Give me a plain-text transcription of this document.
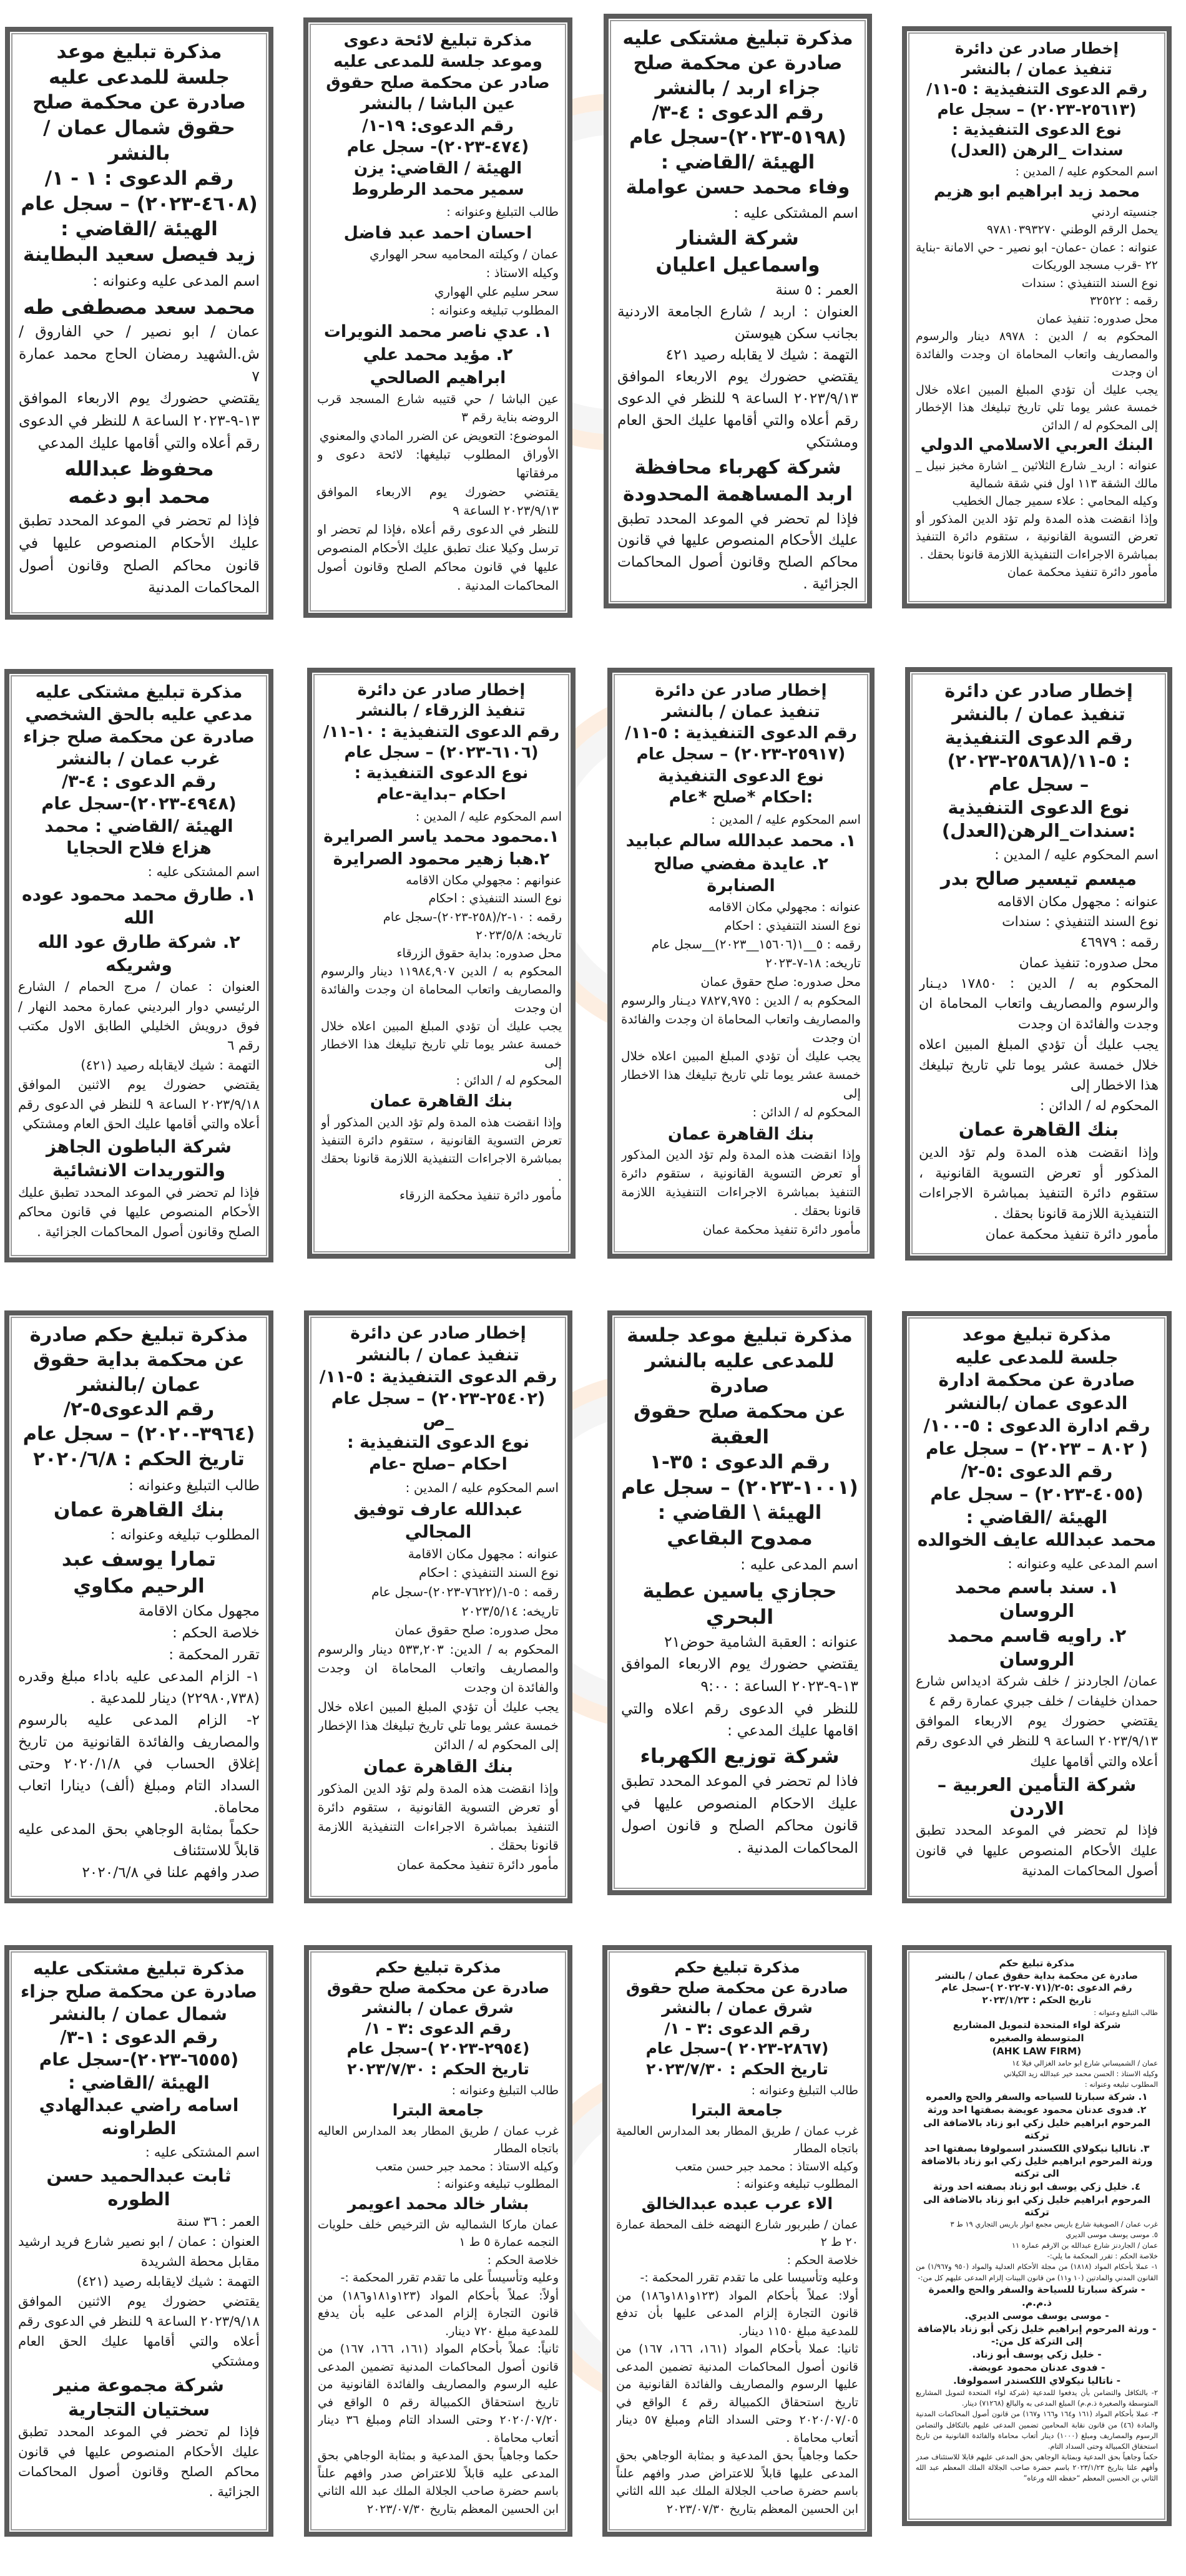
إخطار صادر عن دائرة

تنفيذ عمان / بالنشر

رقم الدعوى التنفيذية : ٥-١١/

(٢٥٦١٣-٢٠٢٣) – سجل عام

نوع الدعوى التنفيذية :

سندات _الرهن (العدل)

اسم المحكوم عليه / المدين :

محمد زيد ابراهيم ابو هزيم

جنسيته اردني

يحمل الرقم الوطني ٩٧٨١٠٣٩٣٢٧٠

عنوانه : عمان -عمان- ابو نصير - حي الامانة -بناية ٢٢ -قرب مسجد الوريكات

نوع السند التنفيذي : سندات

رقمه : ٣٢٥٢٢

محل صدوره: تنفيذ عمان

المحكوم به / الدين : ٨٩٧٨ دينار والرسوم والمصاريف واتعاب المحاماة ان وجدت والفائدة ان وجدت

يجب عليك أن تؤدي المبلغ المبين اعلاه خلال خمسة عشر يوما تلي تاريخ تبليغك هذا الإخطار إلى المحكوم له / الدائن

البنك العربي الاسلامي الدولي

عنوانه : اربد_ شارع الثلاثين _ اشارة مخبز نبيل _ مالك الشقة ١١٣ اول فني شقة شمالية

وكيله المحامي : علاء سمير جمال الخطيب

وإذا انقضت هذه المدة ولم تؤد الدين المذكور أو تعرض التسوية القانونية ، ستقوم دائرة التنفيذ بمباشرة الاجراءات التنفيذية اللازمة قانونا بحقك .

مأمور دائرة تنفيذ محكمة عمان

مذكرة تبليغ مشتكى عليه

صادرة عن محكمة صلح

جزاء اربد / بالنشر

رقم الدعوى : ٤-٣/

(٥١٩٨-٢٠٢٣)-سجل عام

الهيئة /القاضي :

وفاء محمد حسن عواملة

اسم المشتكى عليه :

شركة الشنار

واسماعيل اعليان

العمر : ٥ سنة

العنوان : اربد / شارع الجامعة الاردنية بجانب سكن هيوستن

التهمة : شيك لا يقابله رصيد ٤٢١

يقتضي حضورك يوم الاربعاء الموافق ٢٠٢٣/٩/١٣ الساعة ٩ للنظر في الدعوى رقم أعلاه والتي أقامها عليك الحق العام ومشتكي

شركة كهرباء محافظة

اربد المساهمة المحدودة

فإذا لم تحضر في الموعد المحدد تطبق عليك الأحكام المنصوص عليها في قانون محاكم الصلح وقانون أصول المحاكمات الجزائية .

مذكرة تبليغ لائحة دعوى

وموعد جلسة للمدعى عليه

صادر عن محكمة صلح حقوق

عين الباشا / بالنشر

رقم الدعوى: ١٩-١/

(٤٧٤-٢٠٢٣)- سجل عام

الهيئة / القاضي: يزن

سمير محمد الرطروط

طالب التبليغ وعنوانه :

احسان احمد عبد فاضل

عمان / وكيلته المحاميه سحر الهواري

وكيله الاستاذ :

سحر سليم علي الهواري

المطلوب تبليغه وعنوانه :

١. عدي ناصر محمد النويرات

٢. مؤيد محمد علي

ابراهيم الصالحي

عين الباشا / حي قتيبه شارع المسجد قرب الروضه بناية رقم ٣

الموضوع: التعويض عن الضرر المادي والمعنوي

الأوراق المطلوب تبليغها: لائحة دعوى و مرفقاتها

يقتضي حضورك يوم الاربعاء الموافق ٢٠٢٣/٩/١٣ الساعة ٩

للنظر في الدعوى رقم أعلاه ،فإذا لم تحضر او ترسل وكيلا عنك تطبق عليك الأحكام المنصوص عليها في قانون محاكم الصلح وقانون أصول المحاكمات المدنية .

مذكرة تبليغ موعد

جلسة للمدعى عليه

صادرة عن محكمة صلح

حقوق شمال عمان /بالنشر

رقم الدعوى : ١ - ١/

(٤٦٠٨-٢٠٢٣) – سجل عام

الهيئة /القاضي :

زيد فيصل سعيد البطاينة

اسم المدعى عليه وعنوانه :

محمد سعد مصطفى طه

عمان / ابو نصير / حي الفاروق / ش.الشهيد رمضان الحاج محمد عمارة ٧

يقتضي حضورك يوم الاربعاء الموافق ١٣-٩-٢٠٢٣ الساعة ٨ للنظر في الدعوى رقم أعلاه والتي أقامها عليك المدعي

محفوظ عبدالله

محمد ابو دغمه

فإذا لم تحضر في الموعد المحدد تطبق عليك الأحكام المنصوص عليها في قانون محاكم الصلح وقانون أصول المحاكمات المدنية

إخطار صادر عن دائرة

تنفيذ عمان / بالنشر

رقم الدعوى التنفيذية

: ٥-١١/(٢٥٨٦٨-٢٠٢٣)

– سجل عام

نوع الدعوى التنفيذية

:سندات_الرهن(العدل)

اسم المحكوم عليه / المدين :

ميسم تيسير صالح بدر

عنوانه : مجهول مكان الاقامه

نوع السند التنفيذي : سندات

رقمه : ٤٦٩٧٩

محل صدوره: تنفيذ عمان

المحكوم به / الدين : ١٧٨٥٠ ديـنار والرسوم والمصاريف واتعاب المحاماة ان وجدت والفائدة ان وجدت

يجب عليك أن تؤدي المبلغ المبين اعلاه خلال خمسة عشر يوما تلي تاريخ تبليغك هذا الاخطار إلى

المحكوم له / الدائن :

بنك القاهرة عمان

وإذا انقضت هذه المدة ولم تؤد الدين المذكور أو تعرض التسوية القانونية ، ستقوم دائرة التنفيذ بمباشرة الاجراءات التنفيذية اللازمة قانونا بحقك .

مأمور دائرة تنفيذ محكمة عمان

إخطار صادر عن دائرة

تنفيذ عمان / بالنشر

رقم الدعوى التنفيذية : ٥-١١/

(٢٥٩١٧-٢٠٢٣) – سجل عام

نوع الدعوى التنفيذية

:احكام *صلح *عام

اسم المحكوم عليه / المدين :

١. محمد عبدالله سالم عبابيد

٢. عايدة مفضي صالح الصنابرة

عنوانه : مجهولي مكان الاقامه

نوع السند التنفيذي : احكام

رقمه : ٥__١(١٥٦٠٦__٢٠٢٣)__سجل عام

تاريخه: ١٨-٧-٢٠٢٣

محل صدوره: صلح حقوق عمان

المحكوم به / الدين : ٧٨٢٧,٩٧٥ ديـنار والرسوم والمصاريف واتعاب المحاماة ان وجدت والفائدة ان وجدت

يجب عليك أن تؤدي المبلغ المبين اعلاه خلال خمسة عشر يوما تلي تاريخ تبليغك هذا الاخطار إلى

المحكوم له / الدائن :

بنك القاهرة عمان

وإذا انقضت هذه المدة ولم تؤد الدين المذكور أو تعرض التسوية القانونية ، ستقوم دائرة التنفيذ بمباشرة الاجراءات التنفيذية اللازمة قانونا بحقك .

مأمور دائرة تنفيذ محكمة عمان

إخطار صادر عن دائرة

تنفيذ الزرقاء / بالنشر

رقم الدعوى التنفيذية : ١٠-١١/

(٦١٠٦-٢٠٢٣) – سجل عام

نوع الدعوى التنفيذية :

احكام –بداية-عام

اسم المحكوم عليه / المدين :

١.محمود محمد ياسر الصرايرة

٢.هبا زهير محمود الصرايرة

عنوانهم : مجهولي مكان الاقامه

نوع السند التنفيذي : احكام

رقمه : ١٠-٢/(٢٥٨-٢٠٢٣)-سجل عام

تاريخه: ٢٠٢٣/٥/٨

محل صدوره: بداية حقوق الزرقاء

المحكوم به / الدين ١١٩٨٤,٩٠٧ دينار والرسوم والمصاريف واتعاب المحاماة ان وجدت والفائدة ان وجدت

يجب عليك أن تؤدي المبلغ المبين اعلاه خلال خمسة عشر يوما تلي تاريخ تبليغك هذا الاخطار إلى

المحكوم له / الدائن :

بنك القاهرة عمان

وإذا انقضت هذه المدة ولم تؤد الدين المذكور أو تعرض التسوية القانونية ، ستقوم دائرة التنفيذ بمباشرة الاجراءات التنفيذية اللازمة قانونا بحقك .

مأمور دائرة تنفيذ محكمة الزرقاء

مذكرة تبليغ مشتكى عليه

مدعي عليه بالحق الشخصي

صادرة عن محكمة صلح جزاء

غرب عمان / بالنشر

رقم الدعوى : ٤-٣/

(٤٩٤٨-٢٠٢٣)-سجل عام

الهيئة /القاضي : محمد

هزاع فلاح الحجايا

اسم المشتكى عليه :

١. طارق محمد محمود عوده الله

٢. شركة طارق عود الله وشريكه

العنوان : عمان / مرج الحمام / الشارع الرئيسي دوار البرديني عمارة محمد النهار / فوق درويش الخليلي الطابق الاول مكتب رقم ٦

التهمة : شيك لايقابله رصيد (٤٢١)

يقتضي حضورك يوم الاثنين الموافق ٢٠٢٣/٩/١٨ الساعة ٩ للنظر في الدعوى رقم أعلاه والتي أقامها عليك الحق العام ومشتكي

شركة الباطون الجاهز

والتوريدات الانشائية

فإذا لم تحضر في الموعد المحدد تطبق عليك الأحكام المنصوص عليها في قانون محاكم الصلح وقانون أصول المحاكمات الجزائية .

مذكرة تبليغ موعد

جلسة للمدعى عليه

صادرة عن محكمة ادارة

الدعوى عمان /بالنشر

رقم ادارة الدعوى : ٥-١٠٠/

( ٨٠٢ – ٢٠٢٣) – سجل عام

رقم الدعوى :٥-٢/

(٤٠٥٥-٢٠٢٣) – سجل عام

الهيئة /القاضي :

محمد عبدالله عايف الخوالده

اسم المدعى عليه وعنوانه :

١. سند باسم محمد الروسان

٢. راويه قاسم محمد الروسان

عمان/ الجاردنز / خلف شركة اديداس شارع حمدان خليفات / خلف جبري عمارة رقم ٤

يقتضي حضورك يوم الاربعاء الموافق ٢٠٢٣/٩/١٣ الساعة ٩ للنظر في الدعوى رقم أعلاه والتي أقامها عليك

شركة التأمين العربية – الاردن

فإذا لم تحضر في الموعد المحدد تطبق عليك الأحكام المنصوص عليها في قانون أصول المحاكمات المدنية

مذكرة تبليغ موعد جلسة

للمدعى عليه بالنشر صادرة

عن محكمة صلح حقوق العقبة

رقم الدعوى : ٣٥-١

(١٠٠١-٢٠٢٣) – سجل عام

الهيئة \ القاضي :

ممدوح البقاعي

اسم المدعى عليه :

حجازي ياسين عطية البحري

عنوانه : العقبة الشامية حوض٢١

يقتضي حضورك يوم الاربعاء الموافق ١٣-٩-٢٠٢٣ الساعة : ٩:٠٠

للنظر في الدعوى رقم اعلاه والتي اقامها عليك المدعي :

شركة توزيع الكهرباء

فاذا لم تحضر في الموعد المحدد تطبق عليك الاحكام المنصوص عليها في قانون محاكم الصلح و قانون اصول المحاكمات المدنية .

إخطار صادر عن دائرة

تنفيذ عمان / بالنشر

رقم الدعوى التنفيذية : ٥-١١/

(٢٥٤٠٢-٢٠٢٣) – سجل عام _ص

نوع الدعوى التنفيذية :

احكام –صلح -عام

اسم المحكوم عليه / المدين :

عبدالله عارف توفيق المجالي

عنوانه : مجهول مكان الاقامة

نوع السند التنفيذي : احكام

رقمه : ٥-١/(٧٦٢٢-٢٠٢٣)-سجل عام

تاريخه: ٢٠٢٣/٥/١٤

محل صدوره: صلح حقوق عمان

المحكوم به / الدين: ٥٣٣,٢٠٣ دينار والرسوم والمصاريف واتعاب المحاماة ان وجدت والفائدة ان وجدت

يجب عليك أن تؤدي المبلغ المبين اعلاه خلال خمسة عشر يوما تلي تاريخ تبليغك هذا الإخطار إلى المحكوم له / الدائن

بنك القاهرة عمان

وإذا انقضت هذه المدة ولم تؤد الدين المذكور أو تعرض التسوية القانونية ، ستقوم دائرة التنفيذ بمباشرة الاجراءات التنفيذية اللازمة قانونا بحقك .

مأمور دائرة تنفيذ محكمة عمان

مذكرة تبليغ حكم صادرة

عن محكمة بداية حقوق

عمان /بالنشر

رقم الدعوى٥-٢/

(٣٩٦٤-٢٠٢٠) – سجل عام

تاريخ الحكم : ٢٠٢٠/٦/٨

طالب التبليغ وعنوانه :

بنك القاهرة عمان

المطلوب تبليغه وعنوانه :

تمارا يوسف عبد

الرحيم مكاوي

مجهول مكان الاقامة

خلاصة الحكم :

تقرر المحكمة :

١- الزام المدعى عليه باداء مبلغ وقدره (٢٢٩٨٠,٧٣٨) دينار للمدعية .

٢- الزام المدعى عليه بالرسوم والمصاريف والفائدة القانونية من تاريخ إغلاق الحساب في ٢٠٢٠/١/٨ وحتى السداد التام ومبلغ (ألف) دينارا اتعاب محاماة.

حكماً بمثابة الوجاهي بحق المدعى عليه قابلاً للاستئناف

صدر وافهم علنا في ٢٠٢٠/٦/٨

مذكرة تبليغ حكم

صادرة عن محكمة بداية حقوق عمان / بالنشر

رقم الدعوى :٥-٢/(٧٠٧١-٢٠٢٢ )-سجل عام

تاريخ الحكم : ٢٠٢٣/١/٢٣

طالب التبليغ وعنوانه :

شركة لواء المتحدة لتمويل المشاريع

المتوسطة والصغيره

(AHK LAW FIRM)

عمان / الشميساني شارع ابو حامد الغزالي فيلا ١٤

وكيله الاستاذ : الحسن محمد خير عبدالله زيد الكيلاني

المطلوب تبليغه وعنوانه :

١. شركة سبارتا للسياحه والسفر والحج والعمره

٢. فدوى عدنان محمود عويضة بصفتها احد ورثة المرحوم ابراهيم خليل زكي ابو زناد بالاضافة الى تركته

٣. ناتاليا نيكولاي اللكسندر اسمولوفا بصفتها احد ورثة المرحوم ابراهيم خليل زكي ابو زناد بالاضافة الى تركته

٤. خليل زكي يوسف ابو زناد بصفته احد ورثة المرحوم ابراهيم خليل زكي ابو زناد بالاضافة الى تركته

غرب عمان / الصويفية شارع باريس مجمع انوار باريس التجاري ١٩ ط ٣

٥. موسى يوسف موسى الديري

عمان / الجاردنز شارع عبدالله بن الارقم عمارة ١١

خلاصة الحكم : تقرر المحكمة ما يلي:-

١- عملا بأحكام المواد (١٨١٨) من مجلة الأحكام العدلية والمواد (٩٥٠ و١/٩٦٧) من القانون المدني والمادتين (١٠ و١١) من قانون البينات إلزام المدعى عليهم كل من:-

- شركة سبارتا للسياحة والسفر والحج والعمرة ذ.م.م.

- موسى يوسف موسى الديري.

- ورثة المرحوم إبراهيم خليل زكي أبو زناد بالإضافة إلى التركة كل من:-

- خليل زكي يوسف أبو زناد.

- فدوى عدنان محمود عويضة.

- ناتاليا نيكولاي اللكسندر اسمولوفا.

٢- بالتكافل والتضامن بأن يدفعوا للمدعية (شركة لواء المتحدة لتمويل المشاريع المتوسطة والصغيرة ذ.م.م) المبلغ المدعى به والبالغ (٧١٢٦٨) دينار.

٣- عملا بأحكام المواد (١٦١ و١٦٤ و١٦٦ و١٦٧) من قانون أصول المحاكمات المدنية والمادة (٤٦) من قانون نقابة المحامين تضمين المدعى عليهم بالتكافل والتضامن الرسوم والمصاريف ومبلغ (١٠٠٠) دينار أتعاب محاماة والفائدة القانونية من تاريخ استحقاق الكمبيالة وحتى السداد التام.

حكماً وجاهياً بحق المدعية وبمثابة الوجاهي بحق المدعى عليهم قابلا للاستئناف صدر وأفهم علنا بتاريخ ٢٠٢٣/١/٢٣ باسم حضرة صاحب الجلالة الملك المعظم عبد الله الثاني بن الحسين المعظم “حفظه الله ورعاه”

مذكرة تبليغ حكم

صادرة عن محكمة صلح حقوق

شرق عمان / بالنشر

رقم الدعوى :٣ - ١/

(٢٨٦٧-٢٠٢٣ )-سجل عام

تاريخ الحكم : ٢٠٢٣/٧/٣٠

طالب التبليغ وعنوانه :

جامعة البترا

غرب عمان / طريق المطار بعد المدارس العالمية باتجاه المطار

وكيله الاستاذ : محمد جبر حسن متعب

المطلوب تبليغه وعنوانه :

الاء عرب عبده عبدالخالق

عمان / طبربور شارع النهضه خلف المحطة عمارة ٢٠ ط ٢

خلاصة الحكم :

وعليه وتأسيسا على ما تقدم تقرر المحكمة :-

أولا: عملاً بأحكام المواد (١٢٣و١٨١و١٨٦) من قانون التجارة إلزام المدعى عليها بأن تدفع للمدعية مبلغ ١١٥٠ دينار.

ثانيا: عملا بأحكام المواد (١٦١، ١٦٦، ١٦٧) من قانون أصول المحاكمات المدنية تضمين المدعى عليها الرسوم والمصاريف والفائدة القانونية من تاريخ استحقاق الكمبيالة رقم ٤ الواقع في ٢٠٢٠/٠٧/٠٥ وحتى السداد التام ومبلغ ٥٧ دينار أتعاب محاماة .

حكما وجاهياً بحق المدعية و بمثابة الوجاهي بحق المدعى عليها قابلاً للاعتراض صدر وافهم علناً باسم حضرة صاحب الجلالة الملك عبد الله الثاني ابن الحسين المعظم بتاريخ ٢٠٢٣/٠٧/٣٠

مذكرة تبليغ حكم

صادرة عن محكمة صلح حقوق

شرق عمان / بالنشر

رقم الدعوى :٣ - ١/

(٢٩٥٤-٢٠٢٣ )-سجل عام

تاريخ الحكم : ٢٠٢٣/٧/٣٠

طالب التبليغ وعنوانه :

جامعة البترا

غرب عمان / طريق المطار بعد المدارس العاليه باتجاه المطار

وكيله الاستاذ : محمد جبر حسن متعب

المطلوب تبليغه وعنوانه :

بشار خالد محمد اعويمر

عمان ماركا الشماليه ش الترخيص خلف حلويات النجمه عمارة ٥ ط ١

خلاصة الحكم :

وعليه وتأسيساً على ما تقدم تقرر المحكمة :-

أولاً: عملاً بأحكام المواد (١٢٣و١٨١و١٨٦) من قانون التجارة إلزام المدعى عليه بأن يدفع للمدعية مبلغ ٧٢٠ دينار.

ثانياً: عملاً بأحكام المواد (١٦١، ١٦٦، ١٦٧) من قانون أصول المحاكمات المدنية تضمين المدعى عليه الرسوم والمصاريف والفائدة القانونية من تاريخ استحقاق الكمبيالة رقم ٥ الواقع في ٢٠٢٠/٠٧/٢٠ وحتى السداد التام ومبلغ ٣٦ دينار أتعاب محاماة .

حكما وجاهياً بحق المدعية و بمثابة الوجاهي بحق المدعى عليه قابلاً للاعتراض صدر وافهم علناً باسم حضرة صاحب الجلالة الملك عبد الله الثاني ابن الحسين المعظم بتاريخ ٢٠٢٣/٠٧/٣٠

مذكرة تبليغ مشتكى عليه

صادرة عن محكمة صلح جزاء

شمال عمان / بالنشر

رقم الدعوى : ١-٣/

(٦٥٥٥-٢٠٢٣)-سجل عام

الهيئة /القاضي :

اسامه راضي عبدالهادي

الطراونه

اسم المشتكى عليه :

ثابت عبدالحميد حسن الطوره

العمر : ٣٦ سنة

العنوان : عمان / ابو نصير شارع فريد ارشيد مقابل محطة الشريدة

التهمة : شيك لايقابله رصيد (٤٢١)

يقتضي حضورك يوم الاثنين الموافق ٢٠٢٣/٩/١٨ الساعة ٩ للنظر في الدعوى رقم أعلاه والتي أقامها عليك الحق العام ومشتكي

شركة مجموعة منير

سختيان التجارية

فإذا لم تحضر في الموعد المحدد تطبق عليك الأحكام المنصوص عليها في قانون محاكم الصلح وقانون أصول المحاكمات الجزائية .
